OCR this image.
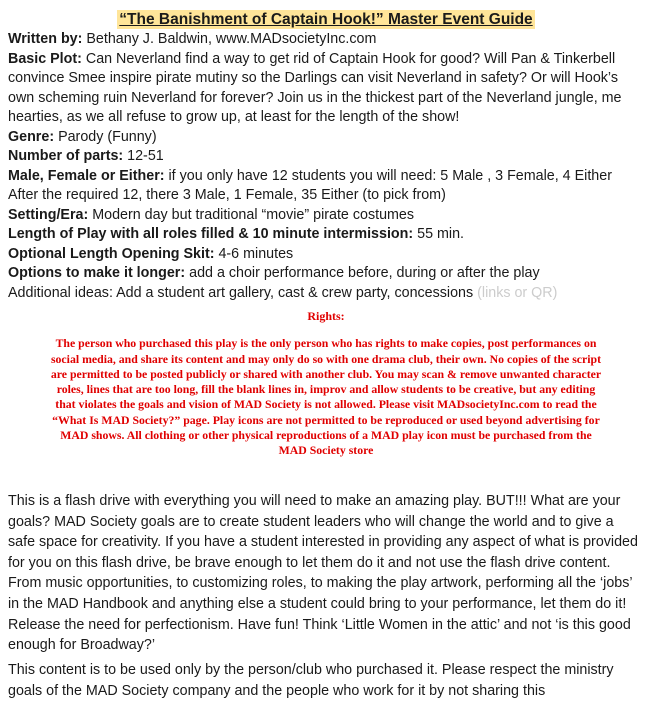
“The Banishment of Captain Hook!” Master Event Guide

Written by: Bethany J. Baldwin, www.MADsocietyInc.com

Basic Plot: Can Neverland find a way to get rid of Captain Hook for good? Will Pan & Tinkerbell convince Smee inspire pirate mutiny so the Darlings can visit Neverland in safety? Or will Hook’s own scheming ruin Neverland for forever? Join us in the thickest part of the Neverland jungle, me hearties, as we all refuse to grow up, at least for the length of the show!

Genre: Parody (Funny)

Number of parts: 12-51

Male, Female or Either: if you only have 12 students you will need: 5 Male , 3 Female, 4 Either

After the required 12, there 3 Male, 1 Female, 35 Either (to pick from)

Setting/Era: Modern day but traditional “movie” pirate costumes

Length of Play with all roles filled & 10 minute intermission: 55 min.

Optional Length Opening Skit: 4-6 minutes

Options to make it longer: add a choir performance before, during or after the play

Additional ideas: Add a student art gallery, cast & crew party, concessions (links or QR)

Rights:

The person who purchased this play is the only person who has rights to make copies, post performances on social media, and share its content and may only do so with one drama club, their own. No copies of the script are permitted to be posted publicly or shared with another club. You may scan & remove unwanted character roles, lines that are too long, fill the blank lines in, improv and allow students to be creative, but any editing that violates the goals and vision of MAD Society is not allowed. Please visit MADsocietyInc.com to read the “What Is MAD Society?” page. Play icons are not permitted to be reproduced or used beyond advertising for MAD shows. All clothing or other physical reproductions of a MAD play icon must be purchased from the MAD Society store

This is a flash drive with everything you will need to make an amazing play. BUT!!! What are your goals? MAD Society goals are to create student leaders who will change the world and to give a safe space for creativity. If you have a student interested in providing any aspect of what is provided for you on this flash drive, be brave enough to let them do it and not use the flash drive content. From music opportunities, to customizing roles, to making the play artwork, performing all the ‘jobs’ in the MAD Handbook and anything else a student could bring to your performance, let them do it! Release the need for perfectionism. Have fun! Think ‘Little Women in the attic’ and not ‘is this good enough for Broadway?’

This content is to be used only by the person/club who purchased it. Please respect the ministry goals of the MAD Society company and the people who work for it by not sharing this
